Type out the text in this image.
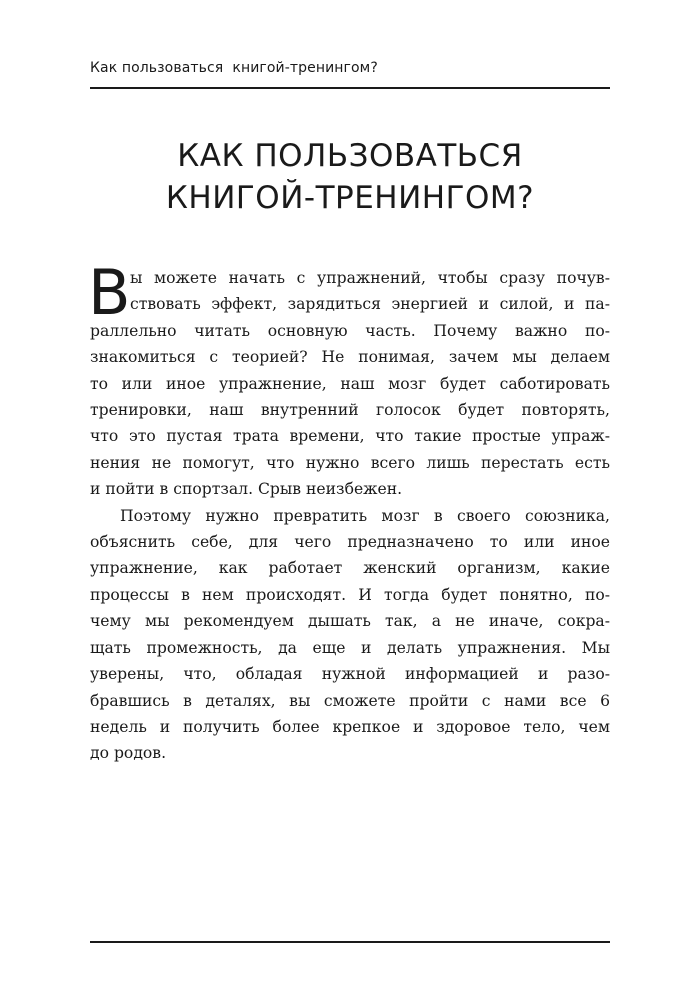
Как пользоваться  книгой-тренингом?
КАК ПОЛЬЗОВАТЬСЯ
КНИГОЙ-ТРЕНИНГОМ?
В ы можете начать с упражнений, чтобы сразу почув-
ствовать эффект, зарядиться энергией и силой, и па-
раллельно читать основную часть. Почему важно по-
знакомиться с теорией? Не понимая, зачем мы делаем
то или иное упражнение, наш мозг будет саботировать
тренировки, наш внутренний голосок будет повторять,
что это пустая трата времени, что такие простые упраж-
нения не помогут, что нужно всего лишь перестать есть
и пойти в спортзал. Срыв неизбежен.
Поэтому нужно превратить мозг в своего союзника,
объяснить себе, для чего предназначено то или иное
упражнение, как работает женский организм, какие
процессы в нем происходят. И тогда будет понятно, по-
чему мы рекомендуем дышать так, а не иначе, сокра-
щать промежность, да еще и делать упражнения. Мы
уверены, что, обладая нужной информацией и разо-
бравшись в деталях, вы сможете пройти с нами все 6
недель и получить более крепкое и здоровое тело, чем
до родов.
